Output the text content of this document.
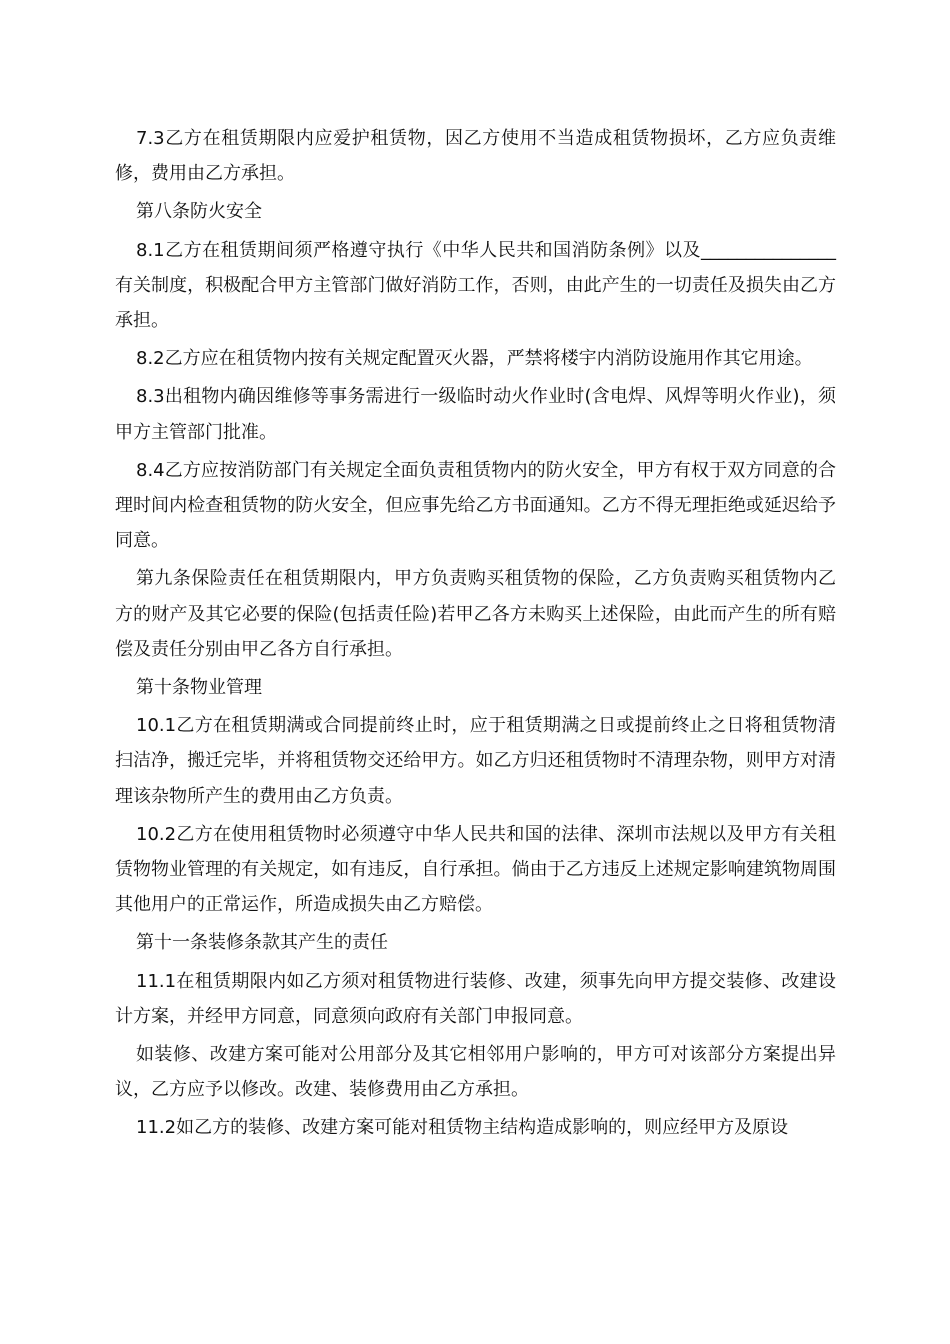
7.3乙方在租赁期限内应爱护租赁物，因乙方使用不当造成租赁物损坏，乙方应负责维修，费用由乙方承担。

第八条防火安全

8.1乙方在租赁期间须严格遵守执行《中华人民共和国消防条例》以及_______________有关制度，积极配合甲方主管部门做好消防工作，否则，由此产生的一切责任及损失由乙方承担。

8.2乙方应在租赁物内按有关规定配置灭火器，严禁将楼宇内消防设施用作其它用途。

8.3出租物内确因维修等事务需进行一级临时动火作业时(含电焊、风焊等明火作业)，须甲方主管部门批准。

8.4乙方应按消防部门有关规定全面负责租赁物内的防火安全，甲方有权于双方同意的合理时间内检查租赁物的防火安全，但应事先给乙方书面通知。乙方不得无理拒绝或延迟给予同意。

第九条保险责任在租赁期限内，甲方负责购买租赁物的保险，乙方负责购买租赁物内乙方的财产及其它必要的保险(包括责任险)若甲乙各方未购买上述保险，由此而产生的所有赔偿及责任分别由甲乙各方自行承担。

第十条物业管理

10.1乙方在租赁期满或合同提前终止时，应于租赁期满之日或提前终止之日将租赁物清扫洁净，搬迁完毕，并将租赁物交还给甲方。如乙方归还租赁物时不清理杂物，则甲方对清理该杂物所产生的费用由乙方负责。

10.2乙方在使用租赁物时必须遵守中华人民共和国的法律、深圳市法规以及甲方有关租赁物物业管理的有关规定，如有违反，自行承担。倘由于乙方违反上述规定影响建筑物周围其他用户的正常运作，所造成损失由乙方赔偿。

第十一条装修条款其产生的责任

11.1在租赁期限内如乙方须对租赁物进行装修、改建，须事先向甲方提交装修、改建设计方案，并经甲方同意，同意须向政府有关部门申报同意。

如装修、改建方案可能对公用部分及其它相邻用户影响的，甲方可对该部分方案提出异议，乙方应予以修改。改建、装修费用由乙方承担。

11.2如乙方的装修、改建方案可能对租赁物主结构造成影响的，则应经甲方及原设
